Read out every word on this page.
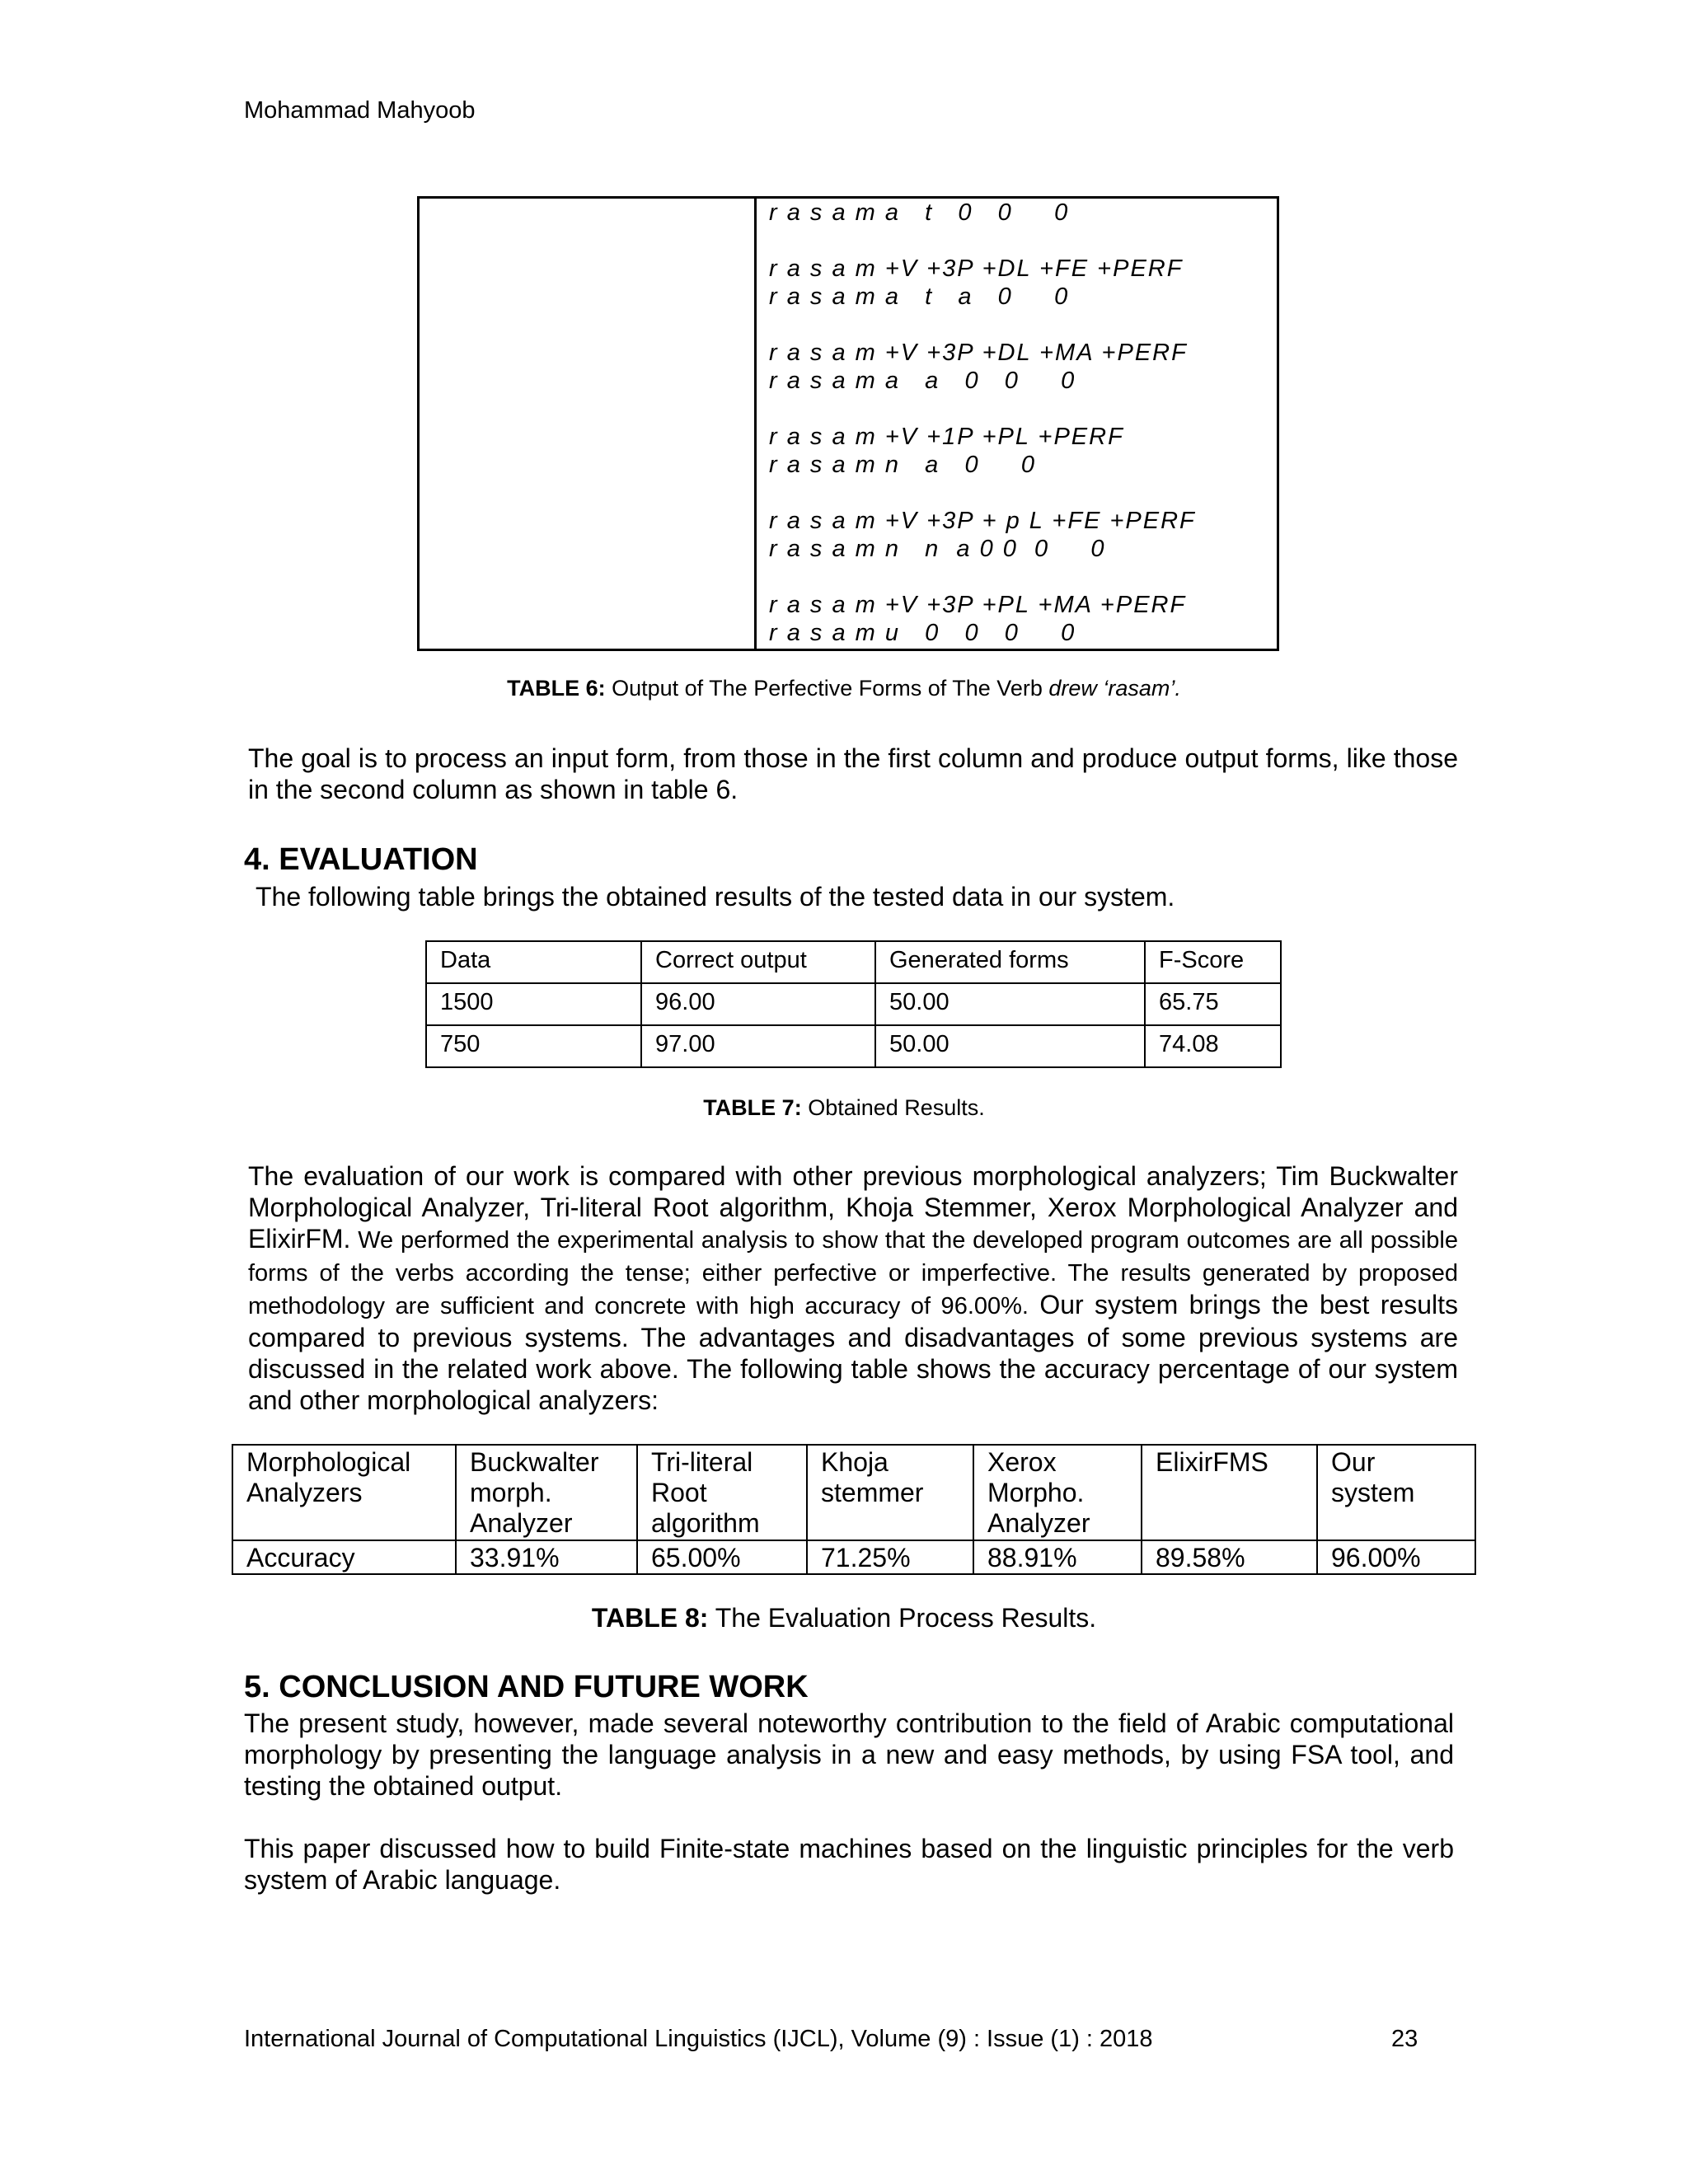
Mohammad Mahyoob
r a s a m a   t   0   0     0
r a s a m +V +3P +DL +FE +PERF
r a s a m a   t   a   0     0
r a s a m +V +3P +DL +MA +PERF
r a s a m a   a   0   0     0
r a s a m +V +1P +PL +PERF
r a s a m n   a   0     0
r a s a m +V +3P + p L +FE +PERF
r a s a m n   n  a 0 0  0     0
r a s a m +V +3P +PL +MA +PERF
r a s a m u   0   0   0     0
TABLE 6: Output of The Perfective Forms of The Verb drew ‘rasam’.
The goal is to process an input form, from those in the first column and produce output forms, like those in the second column as shown in table 6.
4. EVALUATION
The following table brings the obtained results of the tested data in our system.
Data	Correct output	Generated forms	F-Score
1500	96.00	50.00	65.75
750	97.00	50.00	74.08
TABLE 7: Obtained Results.
The evaluation of our work is compared with other previous morphological analyzers; Tim Buckwalter Morphological Analyzer, Tri-literal Root algorithm, Khoja Stemmer, Xerox Morphological Analyzer and ElixirFM. We performed the experimental analysis to show that the developed program outcomes are all possible forms of the verbs according the tense; either perfective or imperfective. The results generated by proposed methodology are sufficient and concrete with high accuracy of 96.00%. Our system brings the best results compared to previous systems. The advantages and disadvantages of some previous systems are discussed in the related work above. The following table shows the accuracy percentage of our system and other morphological analyzers:
Morphological Analyzers	Buckwalter morph. Analyzer	Tri-literal Root algorithm	Khoja stemmer	Xerox Morpho. Analyzer	ElixirFMS	Our system
Accuracy	33.91%	65.00%	71.25%	88.91%	89.58%	96.00%
TABLE 8: The Evaluation Process Results.
5. CONCLUSION AND FUTURE WORK
The present study, however, made several noteworthy contribution to the field of Arabic computational morphology by presenting the language analysis in a new and easy methods, by using FSA tool, and testing the obtained output.
This paper discussed how to build Finite-state machines based on the linguistic principles for the verb system of Arabic language.
International Journal of Computational Linguistics (IJCL), Volume (9) : Issue (1) : 2018	23
